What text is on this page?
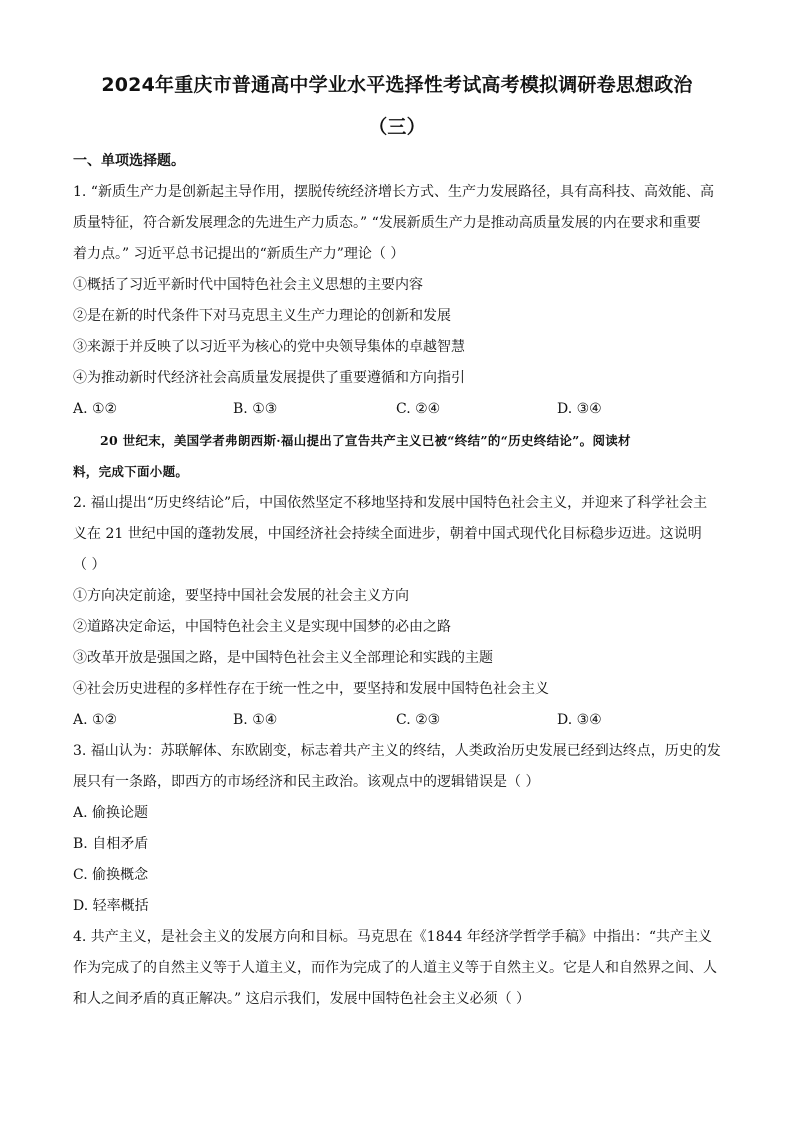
2024年重庆市普通高中学业水平选择性考试高考模拟调研卷思想政治
（三）
一、单项选择题。
1. “新质生产力是创新起主导作用，摆脱传统经济增长方式、生产力发展路径，具有高科技、高效能、高
质量特征，符合新发展理念的先进生产力质态。” “发展新质生产力是推动高质量发展的内在要求和重要
着力点。” 习近平总书记提出的“新质生产力”理论（ ）
①概括了习近平新时代中国特色社会主义思想的主要内容
②是在新的时代条件下对马克思主义生产力理论的创新和发展
③来源于并反映了以习近平为核心的党中央领导集体的卓越智慧
④为推动新时代经济社会高质量发展提供了重要遵循和方向指引
A. ①②	B. ①③	C. ②④	D. ③④
20 世纪末，美国学者弗朗西斯·福山提出了宣告共产主义已被“终结”的“历史终结论”。阅读材
料，完成下面小题。
2. 福山提出“历史终结论”后，中国依然坚定不移地坚持和发展中国特色社会主义，并迎来了科学社会主
义在 21 世纪中国的蓬勃发展，中国经济社会持续全面进步，朝着中国式现代化目标稳步迈进。这说明
（ ）
①方向决定前途，要坚持中国社会发展的社会主义方向
②道路决定命运，中国特色社会主义是实现中国梦的必由之路
③改革开放是强国之路，是中国特色社会主义全部理论和实践的主题
④社会历史进程的多样性存在于统一性之中，要坚持和发展中国特色社会主义
A. ①②	B. ①④	C. ②③	D. ③④
3. 福山认为：苏联解体、东欧剧变，标志着共产主义的终结，人类政治历史发展已经到达终点，历史的发
展只有一条路，即西方的市场经济和民主政治。该观点中的逻辑错误是（ ）
A. 偷换论题
B. 自相矛盾
C. 偷换概念
D. 轻率概括
4. 共产主义，是社会主义的发展方向和目标。马克思在《1844 年经济学哲学手稿》中指出：“共产主义
作为完成了的自然主义等于人道主义，而作为完成了的人道主义等于自然主义。它是人和自然界之间、人
和人之间矛盾的真正解决。” 这启示我们，发展中国特色社会主义必须（ ）
